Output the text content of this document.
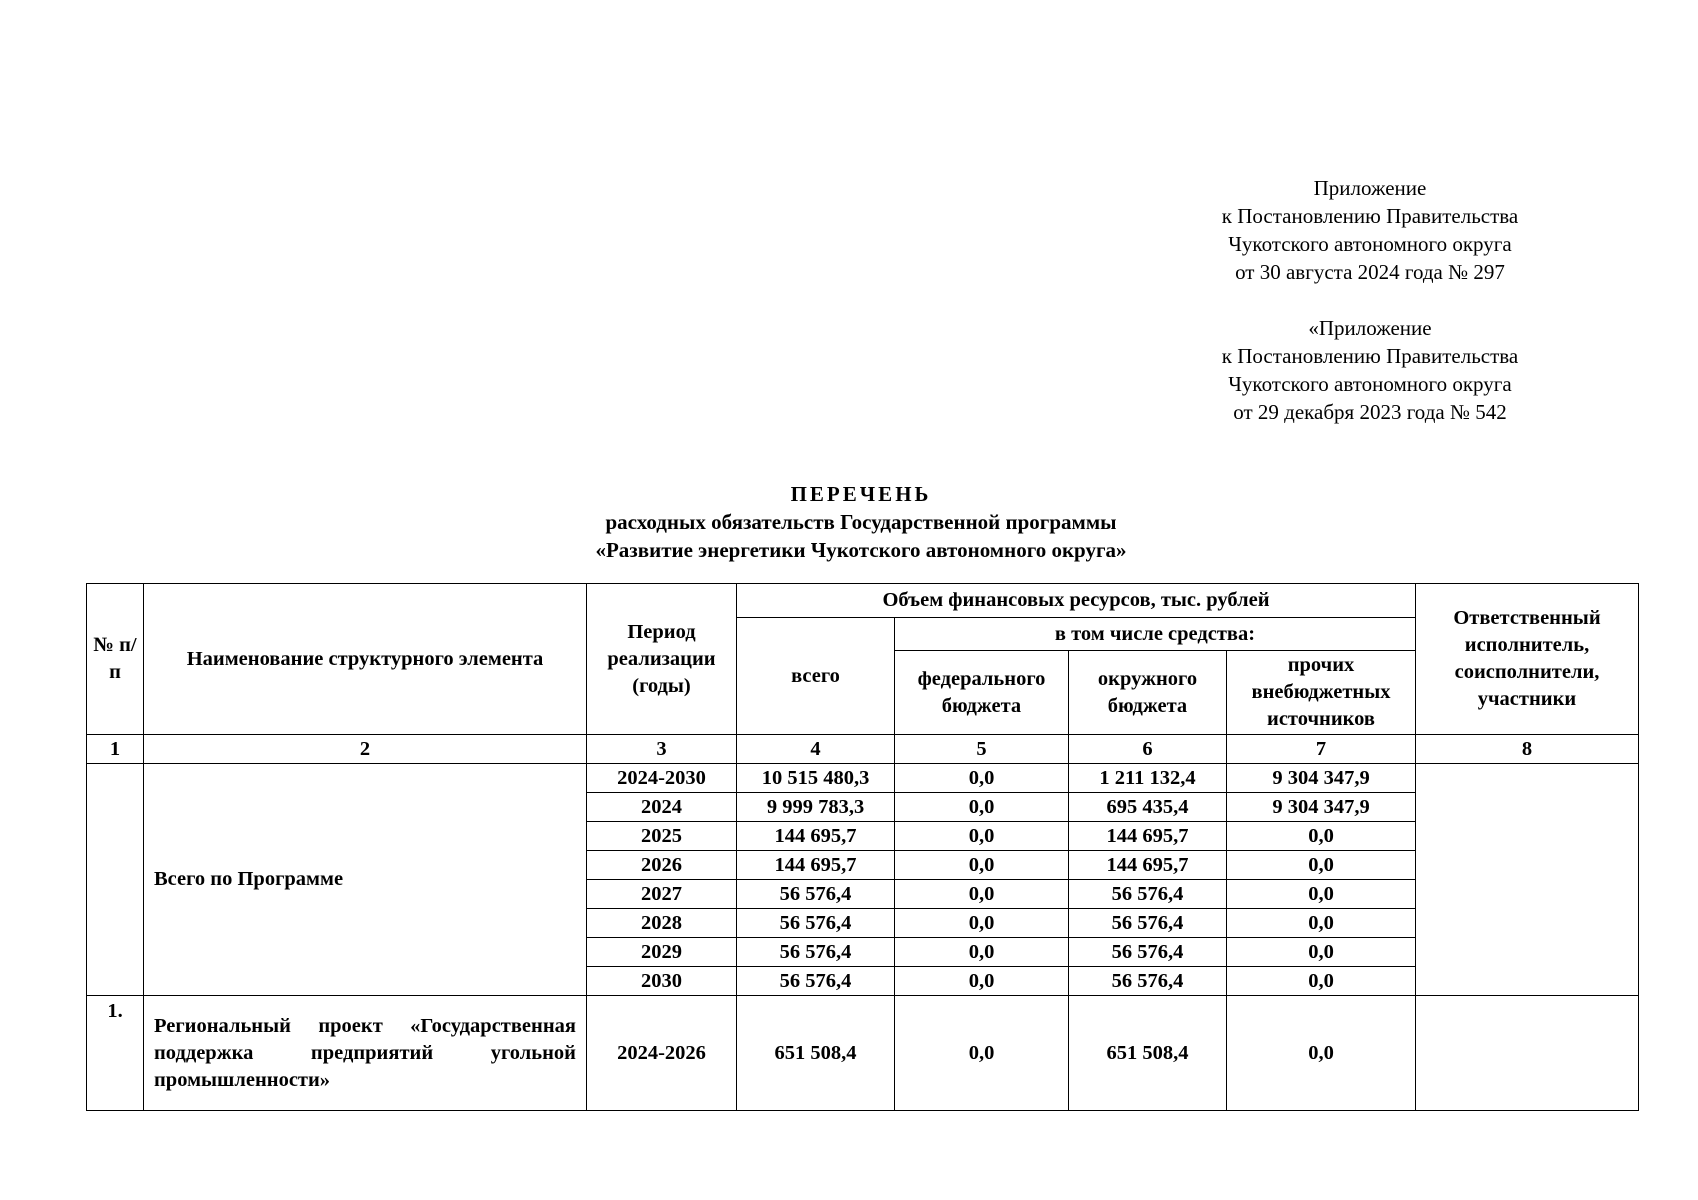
Приложение
к Постановлению Правительства
Чукотского автономного округа
от 30 августа 2024 года № 297
«Приложение
к Постановлению Правительства
Чукотского автономного округа
от 29 декабря 2023 года № 542
ПЕРЕЧЕНЬ
расходных обязательств Государственной программы
«Развитие энергетики Чукотского автономного округа»
№ п/п	Наименование структурного элемента	Период реализации (годы)	Объем финансовых ресурсов, тыс. рублей				Ответственный исполнитель, соисполнители, участники
			всего	в том числе средства:			
				федерального бюджета	окружного бюджета	прочих внебюджетных источников	
1	2	3	4	5	6	7	8
	Всего по Программе	2024-2030	10 515 480,3	0,0	1 211 132,4	9 304 347,9	
		2024	9 999 783,3	0,0	695 435,4	9 304 347,9	
		2025	144 695,7	0,0	144 695,7	0,0	
		2026	144 695,7	0,0	144 695,7	0,0	
		2027	56 576,4	0,0	56 576,4	0,0	
		2028	56 576,4	0,0	56 576,4	0,0	
		2029	56 576,4	0,0	56 576,4	0,0	
		2030	56 576,4	0,0	56 576,4	0,0	
1.	Региональный проект «Государственная поддержка предприятий угольной промышленности»	2024-2026	651 508,4	0,0	651 508,4	0,0	
